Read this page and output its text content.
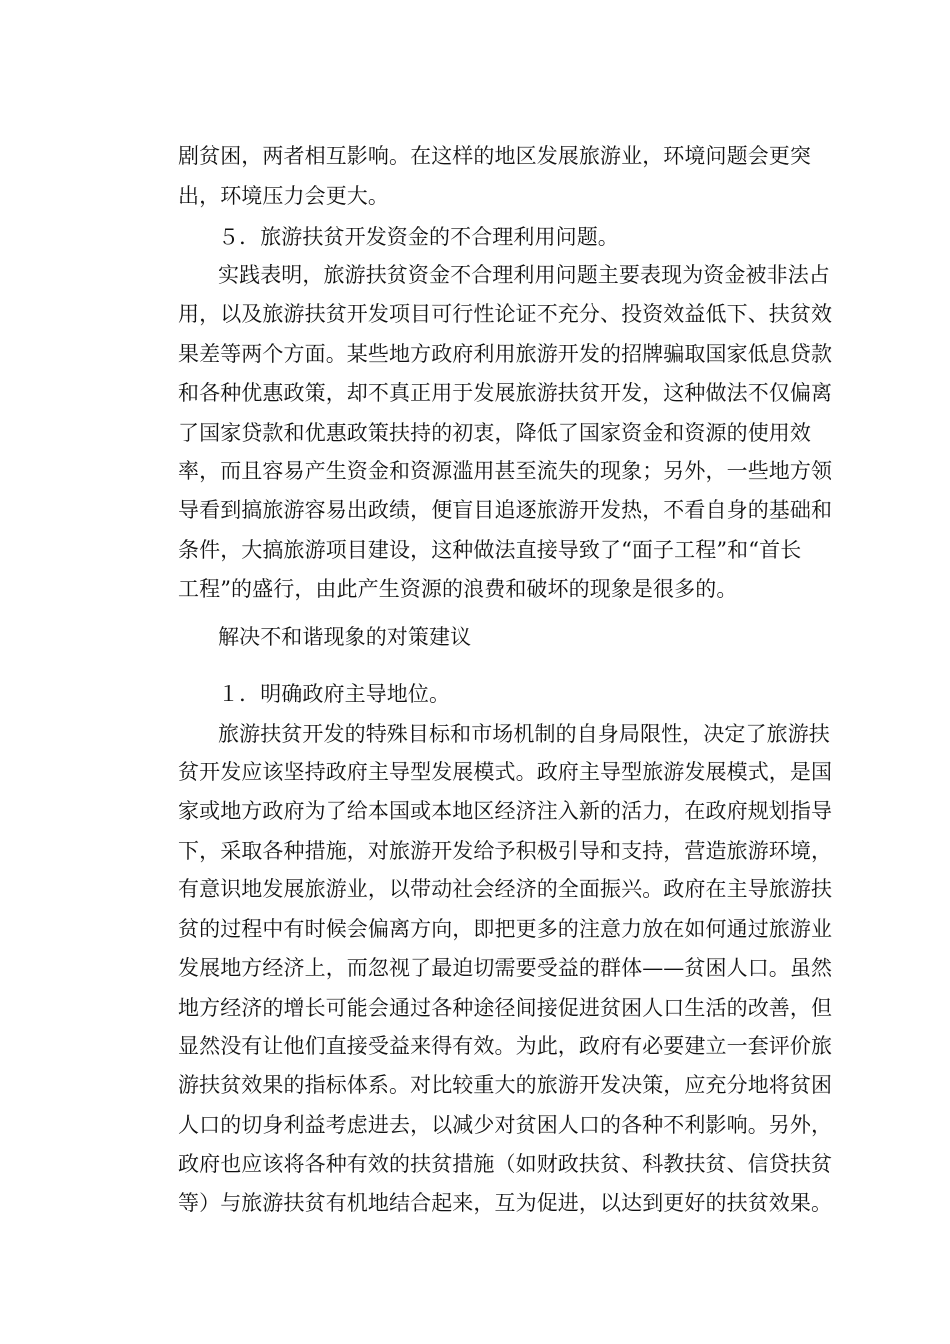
剧贫困，两者相互影响。在这样的地区发展旅游业，环境问题会更突
出，环境压力会更大。
５．旅游扶贫开发资金的不合理利用问题。
实践表明，旅游扶贫资金不合理利用问题主要表现为资金被非法占
用，以及旅游扶贫开发项目可行性论证不充分、投资效益低下、扶贫效
果差等两个方面。某些地方政府利用旅游开发的招牌骗取国家低息贷款
和各种优惠政策，却不真正用于发展旅游扶贫开发，这种做法不仅偏离
了国家贷款和优惠政策扶持的初衷，降低了国家资金和资源的使用效
率，而且容易产生资金和资源滥用甚至流失的现象；另外，一些地方领
导看到搞旅游容易出政绩，便盲目追逐旅游开发热，不看自身的基础和
条件，大搞旅游项目建设，这种做法直接导致了“面子工程”和“首长
工程”的盛行，由此产生资源的浪费和破坏的现象是很多的。
解决不和谐现象的对策建议
１．明确政府主导地位。
旅游扶贫开发的特殊目标和市场机制的自身局限性，决定了旅游扶
贫开发应该坚持政府主导型发展模式。政府主导型旅游发展模式，是国
家或地方政府为了给本国或本地区经济注入新的活力，在政府规划指导
下，采取各种措施，对旅游开发给予积极引导和支持，营造旅游环境，
有意识地发展旅游业，以带动社会经济的全面振兴。政府在主导旅游扶
贫的过程中有时候会偏离方向，即把更多的注意力放在如何通过旅游业
发展地方经济上，而忽视了最迫切需要受益的群体——贫困人口。虽然
地方经济的增长可能会通过各种途径间接促进贫困人口生活的改善，但
显然没有让他们直接受益来得有效。为此，政府有必要建立一套评价旅
游扶贫效果的指标体系。对比较重大的旅游开发决策，应充分地将贫困
人口的切身利益考虑进去，以减少对贫困人口的各种不利影响。另外，
政府也应该将各种有效的扶贫措施（如财政扶贫、科教扶贫、信贷扶贫
等）与旅游扶贫有机地结合起来，互为促进，以达到更好的扶贫效果。
